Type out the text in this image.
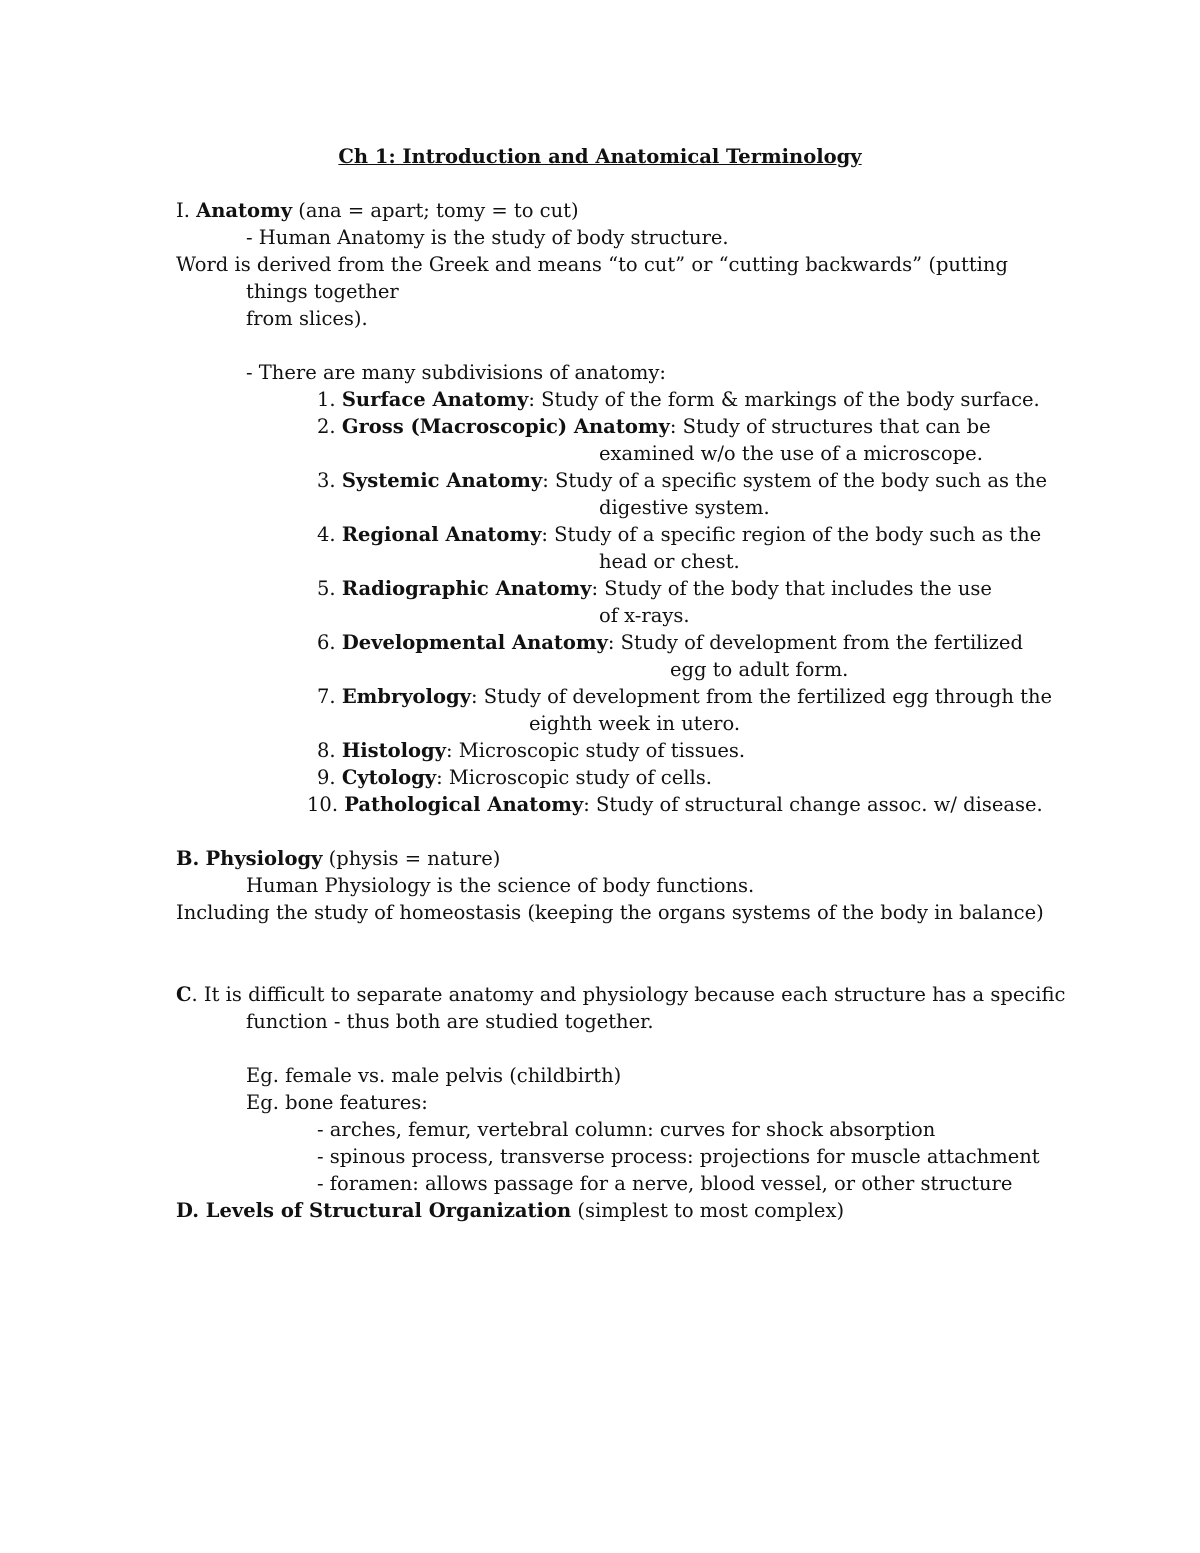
Ch 1: Introduction and Anatomical Terminology
I. Anatomy (ana = apart; tomy = to cut)
- Human Anatomy is the study of body structure.
Word is derived from the Greek and means “to cut” or “cutting backwards” (putting
things together
from slices).
- There are many subdivisions of anatomy:
1. Surface Anatomy: Study of the form & markings of the body surface.
2. Gross (Macroscopic) Anatomy: Study of structures that can be
examined w/o the use of a microscope.
3. Systemic Anatomy: Study of a specific system of the body such as the
digestive system.
4. Regional Anatomy: Study of a specific region of the body such as the
head or chest.
5. Radiographic Anatomy: Study of the body that includes the use
of x-rays.
6. Developmental Anatomy: Study of development from the fertilized
egg to adult form.
7. Embryology: Study of development from the fertilized egg through the
eighth week in utero.
8. Histology: Microscopic study of tissues.
9. Cytology: Microscopic study of cells.
10. Pathological Anatomy: Study of structural change assoc. w/ disease.
B. Physiology (physis = nature)
Human Physiology is the science of body functions.
Including the study of homeostasis (keeping the organs systems of the body in balance)
C. It is difficult to separate anatomy and physiology because each structure has a specific
function - thus both are studied together.
Eg. female vs. male pelvis (childbirth)
Eg. bone features:
- arches, femur, vertebral column: curves for shock absorption
- spinous process, transverse process: projections for muscle attachment
- foramen: allows passage for a nerve, blood vessel, or other structure
D. Levels of Structural Organization (simplest to most complex)
